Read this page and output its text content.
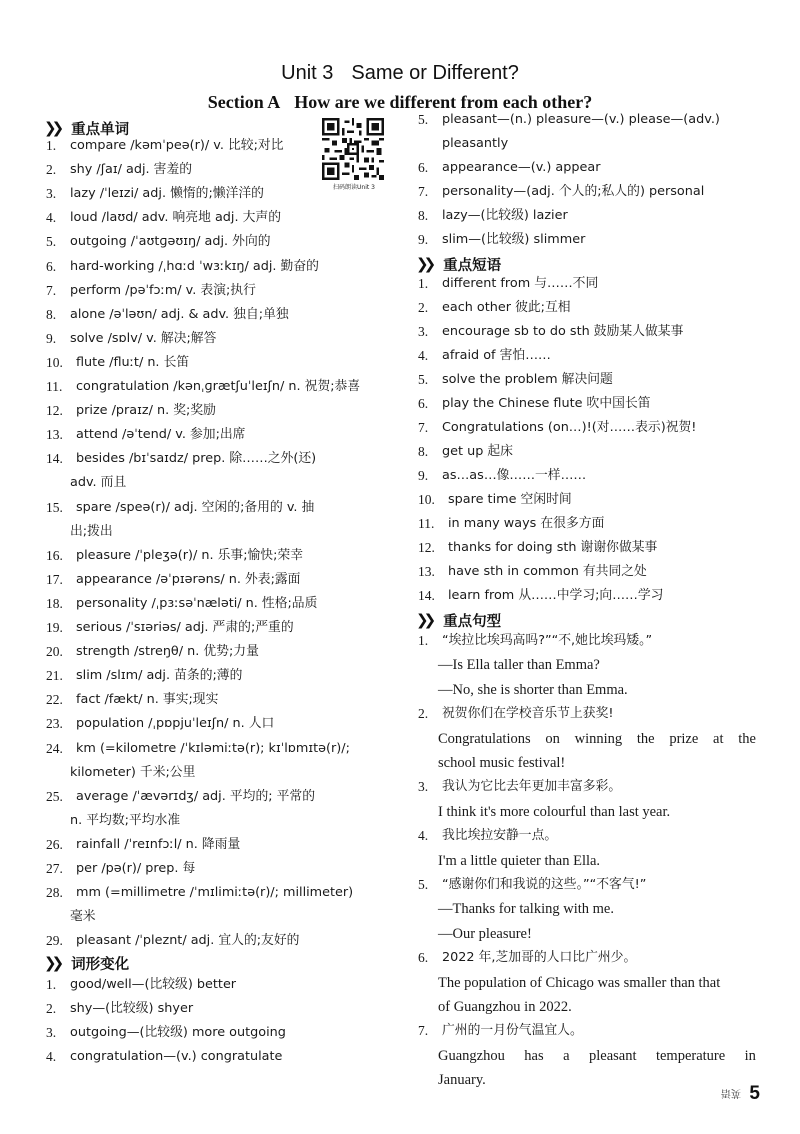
Unit 3 Same or Different?
Section A How are we different from each other?
扫码朗读Unit 3
❯❯ 重点单词
1.	compare /kəmˈpeə(r)/ v. 比较;对比
2.	shy /ʃaɪ/ adj. 害羞的
3.	lazy /ˈleɪzi/ adj. 懒惰的;懒洋洋的
4.	loud /laʊd/ adv. 响亮地 adj. 大声的
5.	outgoing /ˈaʊtɡəʊɪŋ/ adj. 外向的
6.	hard-working /ˌhɑːd ˈwɜːkɪŋ/ adj. 勤奋的
7.	perform /pəˈfɔːm/ v. 表演;执行
8.	alone /əˈləʊn/ adj. & adv. 独自;单独
9.	solve /sɒlv/ v. 解决;解答
10.	flute /fluːt/ n. 长笛
11.	congratulation /kənˌɡrætʃuˈleɪʃn/ n. 祝贺;恭喜
12.	prize /praɪz/ n. 奖;奖励
13.	attend /əˈtend/ v. 参加;出席
14.	besides /bɪˈsaɪdz/ prep. 除……之外(还)
adv. 而且
15.	spare /speə(r)/ adj. 空闲的;备用的 v. 抽
出;拨出
16.	pleasure /ˈpleʒə(r)/ n. 乐事;愉快;荣幸
17.	appearance /əˈpɪərəns/ n. 外表;露面
18.	personality /ˌpɜːsəˈnæləti/ n. 性格;品质
19.	serious /ˈsɪəriəs/ adj. 严肃的;严重的
20.	strength /streŋθ/ n. 优势;力量
21.	slim /slɪm/ adj. 苗条的;薄的
22.	fact /fækt/ n. 事实;现实
23.	population /ˌpɒpjuˈleɪʃn/ n. 人口
24.	km (=kilometre /ˈkɪləmiːtə(r); kɪˈlɒmɪtə(r)/;
kilometer) 千米;公里
25.	average /ˈævərɪdʒ/ adj. 平均的; 平常的
n. 平均数;平均水准
26.	rainfall /ˈreɪnfɔːl/ n. 降雨量
27.	per /pə(r)/ prep. 每
28.	mm (=millimetre /ˈmɪlimiːtə(r)/; millimeter)
毫米
29.	pleasant /ˈpleznt/ adj. 宜人的;友好的
❯❯ 词形变化
1.	good/well—(比较级) better
2.	shy—(比较级) shyer
3.	outgoing—(比较级) more outgoing
4.	congratulation—(v.) congratulate
5.	pleasant—(n.) pleasure—(v.) please—(adv.)
pleasantly
6.	appearance—(v.) appear
7.	personality—(adj. 个人的;私人的) personal
8.	lazy—(比较级) lazier
9.	slim—(比较级) slimmer
❯❯ 重点短语
1.	different from 与……不同
2.	each other 彼此;互相
3.	encourage sb to do sth 鼓励某人做某事
4.	afraid of 害怕……
5.	solve the problem 解决问题
6.	play the Chinese flute 吹中国长笛
7.	Congratulations (on…)!(对……表示)祝贺!
8.	get up 起床
9.	as…as…像……一样……
10.	spare time 空闲时间
11.	in many ways 在很多方面
12.	thanks for doing sth 谢谢你做某事
13.	have sth in common 有共同之处
14.	learn from 从……中学习;向……学习
❯❯ 重点句型
1.	“埃拉比埃玛高吗?”“不,她比埃玛矮。”
—Is Ella taller than Emma?
—No, she is shorter than Emma.
2.	祝贺你们在学校音乐节上获奖!
Congratulations on winning the prize at the
school music festival!
3.	我认为它比去年更加丰富多彩。
I think it's more colourful than last year.
4.	我比埃拉安静一点。
I'm a little quieter than Ella.
5.	“感谢你们和我说的这些。”“不客气!”
—Thanks for talking with me.
—Our pleasure!
6.	2022 年,芝加哥的人口比广州少。
The population of Chicago was smaller than that
of Guangzhou in 2022.
7.	广州的一月份气温宜人。
Guangzhou has a pleasant temperature in
January.
英语 5
